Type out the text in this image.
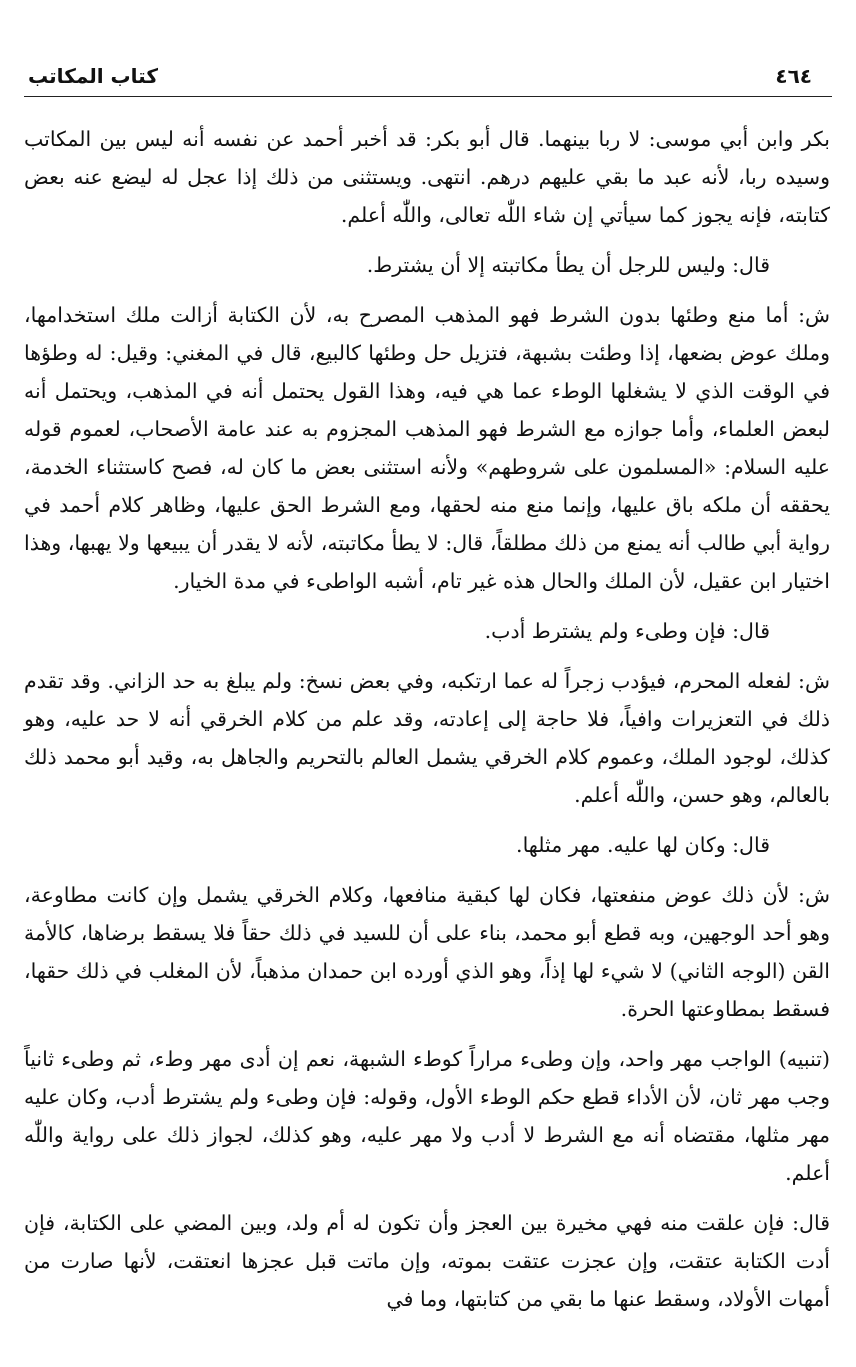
كتاب المكاتب	٤٦٤

بكر وابن أبي موسى: لا ربا بينهما. قال أبو بكر: قد أخبر أحمد عن نفسه أنه ليس بين المكاتب وسيده ربا، لأنه عبد ما بقي عليهم درهم. انتهى. ويستثنى من ذلك إذا عجل له ليضع عنه بعض كتابته، فإنه يجوز كما سيأتي إن شاء اللّٰه تعالى، واللّٰه أعلم.

قال: وليس للرجل أن يطأ مكاتبته إلا أن يشترط.

ش: أما منع وطئها بدون الشرط فهو المذهب المصرح به، لأن الكتابة أزالت ملك استخدامها، وملك عوض بضعها، إذا وطئت بشبهة، فتزيل حل وطئها كالبيع، قال في المغني: وقيل: له وطؤها في الوقت الذي لا يشغلها الوطء عما هي فيه، وهذا القول يحتمل أنه في المذهب، ويحتمل أنه لبعض العلماء، وأما جوازه مع الشرط فهو المذهب المجزوم به عند عامة الأصحاب، لعموم قوله عليه السلام: «المسلمون على شروطهم» ولأنه استثنى بعض ما كان له، فصح كاستثناء الخدمة، يحققه أن ملكه باق عليها، وإنما منع منه لحقها، ومع الشرط الحق عليها، وظاهر كلام أحمد في رواية أبي طالب أنه يمنع من ذلك مطلقاً، قال: لا يطأ مكاتبته، لأنه لا يقدر أن يبيعها ولا يهبها، وهذا اختيار ابن عقيل، لأن الملك والحال هذه غير تام، أشبه الواطىء في مدة الخيار.

قال: فإن وطىء ولم يشترط أدب.

ش: لفعله المحرم، فيؤدب زجراً له عما ارتكبه، وفي بعض نسخ: ولم يبلغ به حد الزاني. وقد تقدم ذلك في التعزيرات وافياً، فلا حاجة إلى إعادته، وقد علم من كلام الخرقي أنه لا حد عليه، وهو كذلك، لوجود الملك، وعموم كلام الخرقي يشمل العالم بالتحريم والجاهل به، وقيد أبو محمد ذلك بالعالم، وهو حسن، واللّٰه أعلم.

قال: وكان لها عليه. مهر مثلها.

ش: لأن ذلك عوض منفعتها، فكان لها كبقية منافعها، وكلام الخرقي يشمل وإن كانت مطاوعة، وهو أحد الوجهين، وبه قطع أبو محمد، بناء على أن للسيد في ذلك حقاً فلا يسقط برضاها، كالأمة القن (الوجه الثاني) لا شيء لها إذاً، وهو الذي أورده ابن حمدان مذهباً، لأن المغلب في ذلك حقها، فسقط بمطاوعتها الحرة.

(تنبيه) الواجب مهر واحد، وإن وطىء مراراً كوطء الشبهة، نعم إن أدى مهر وطء، ثم وطىء ثانياً وجب مهر ثان، لأن الأداء قطع حكم الوطء الأول، وقوله: فإن وطىء ولم يشترط أدب، وكان عليه مهر مثلها، مقتضاه أنه مع الشرط لا أدب ولا مهر عليه، وهو كذلك، لجواز ذلك على رواية واللّٰه أعلم.

قال: فإن علقت منه فهي مخيرة بين العجز وأن تكون له أم ولد، وبين المضي على الكتابة، فإن أدت الكتابة عتقت، وإن عجزت عتقت بموته، وإن ماتت قبل عجزها انعتقت، لأنها صارت من أمهات الأولاد، وسقط عنها ما بقي من كتابتها، وما في
